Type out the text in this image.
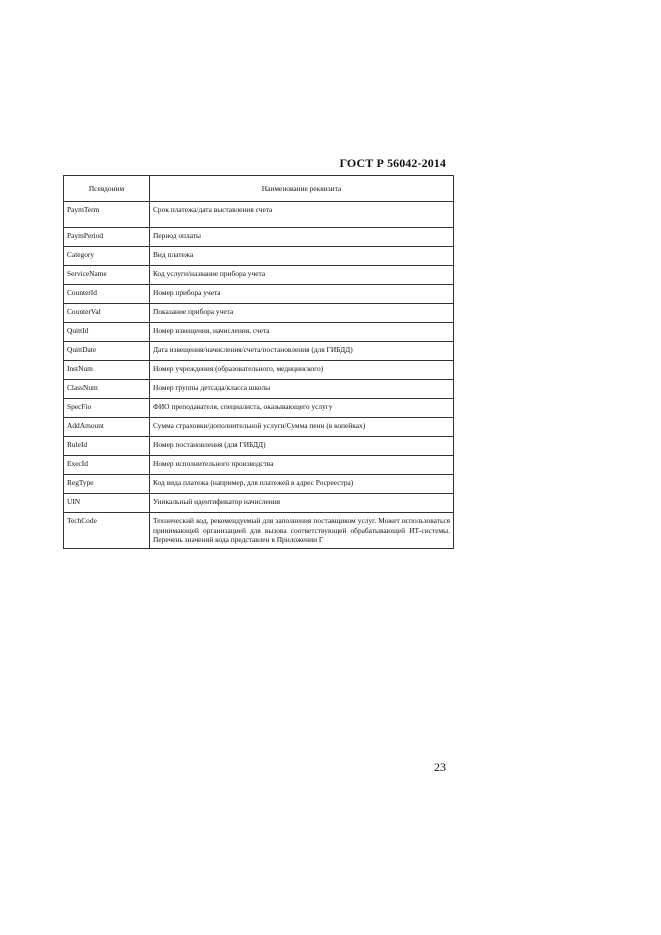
ГОСТ Р 56042-2014
Псевдоним	Наименование реквизита
PaymTerm	Срок платежа/дата выставления счета
PaymPeriod	Период оплаты
Category	Вид платежа
ServiceName	Код услуги/название прибора учета
CounterId	Номер прибора учета
CounterVal	Показание прибора учета
QuittId	Номер извещения, начисления, счета
QuittDate	Дата извещения/начисления/счета/постановления (для ГИБДД)
InstNum	Номер учреждения (образовательного, медицинского)
ClassNum	Номер группы детсада/класса школы
SpecFio	ФИО преподавателя, специалиста, оказывающего услугу
AddAmount	Сумма страховки/дополнительной услуги/Сумма пени (в копейках)
RuleId	Номер постановления (для ГИБДД)
ExecId	Номер исполнительного производства
RegType	Код вида платежа (например, для платежей в адрес Росреестра)
UIN	Уникальный идентификатор начисления
TechCode	Технический код, рекомендуемый для заполнения поставщиком услуг. Может использоваться принимающей организацией для вызова соответствующей обрабатывающей ИТ-системы. Перечень значений кода представлен в Приложении Г
23
